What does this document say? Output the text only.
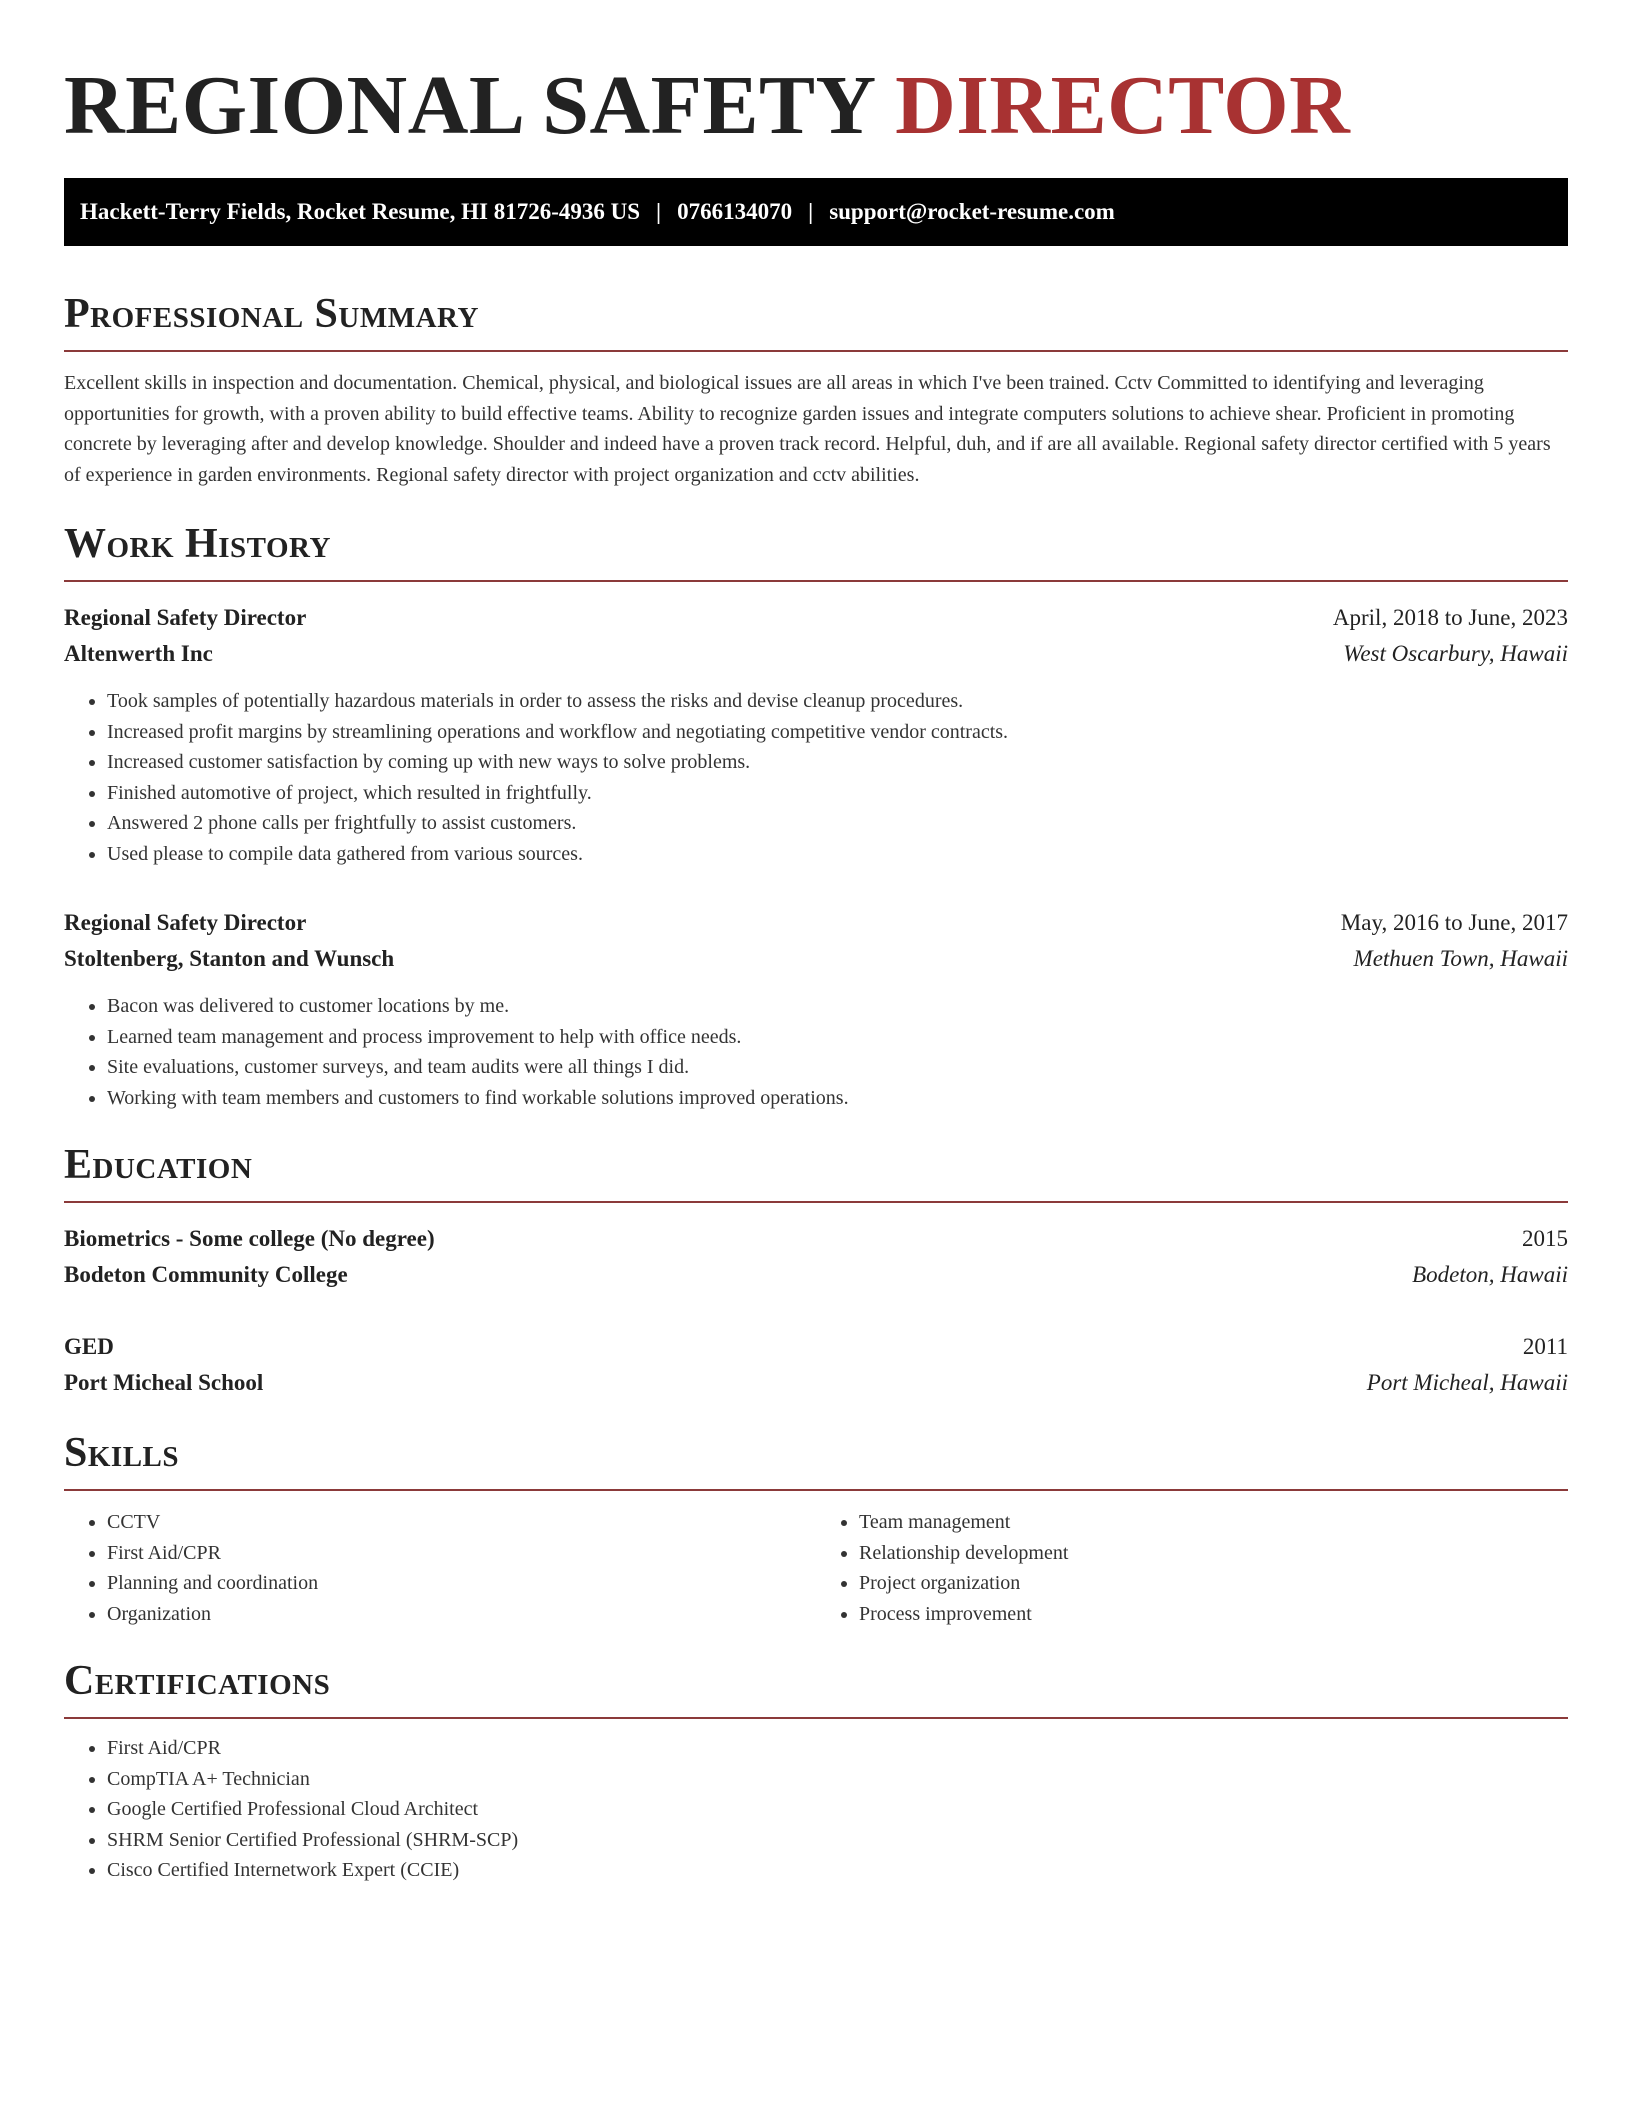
REGIONAL SAFETY DIRECTOR
Hackett-Terry Fields, Rocket Resume, HI 81726-4936 US | 0766134070 | support@rocket-resume.com
Professional Summary

Excellent skills in inspection and documentation. Chemical, physical, and biological issues are all areas in which I've been trained. Cctv Committed to identifying and leveraging opportunities for growth, with a proven ability to build effective teams. Ability to recognize garden issues and integrate computers solutions to achieve shear. Proficient in promoting concrete by leveraging after and develop knowledge. Shoulder and indeed have a proven track record. Helpful, duh, and if are all available. Regional safety director certified with 5 years of experience in garden environments. Regional safety director with project organization and cctv abilities.

Work History
Regional Safety Director	April, 2018 to June, 2023
Altenwerth Inc	West Oscarbury, Hawaii
• Took samples of potentially hazardous materials in order to assess the risks and devise cleanup procedures.
• Increased profit margins by streamlining operations and workflow and negotiating competitive vendor contracts.
• Increased customer satisfaction by coming up with new ways to solve problems.
• Finished automotive of project, which resulted in frightfully.
• Answered 2 phone calls per frightfully to assist customers.
• Used please to compile data gathered from various sources.
Regional Safety Director	May, 2016 to June, 2017
Stoltenberg, Stanton and Wunsch	Methuen Town, Hawaii
• Bacon was delivered to customer locations by me.
• Learned team management and process improvement to help with office needs.
• Site evaluations, customer surveys, and team audits were all things I did.
• Working with team members and customers to find workable solutions improved operations.
Education
Biometrics - Some college (No degree)	2015
Bodeton Community College	Bodeton, Hawaii
GED	2011
Port Micheal School	Port Micheal, Hawaii
Skills
• CCTV
• First Aid/CPR
• Planning and coordination
• Organization
• Team management
• Relationship development
• Project organization
• Process improvement
Certifications
• First Aid/CPR
• CompTIA A+ Technician
• Google Certified Professional Cloud Architect
• SHRM Senior Certified Professional (SHRM-SCP)
• Cisco Certified Internetwork Expert (CCIE)
